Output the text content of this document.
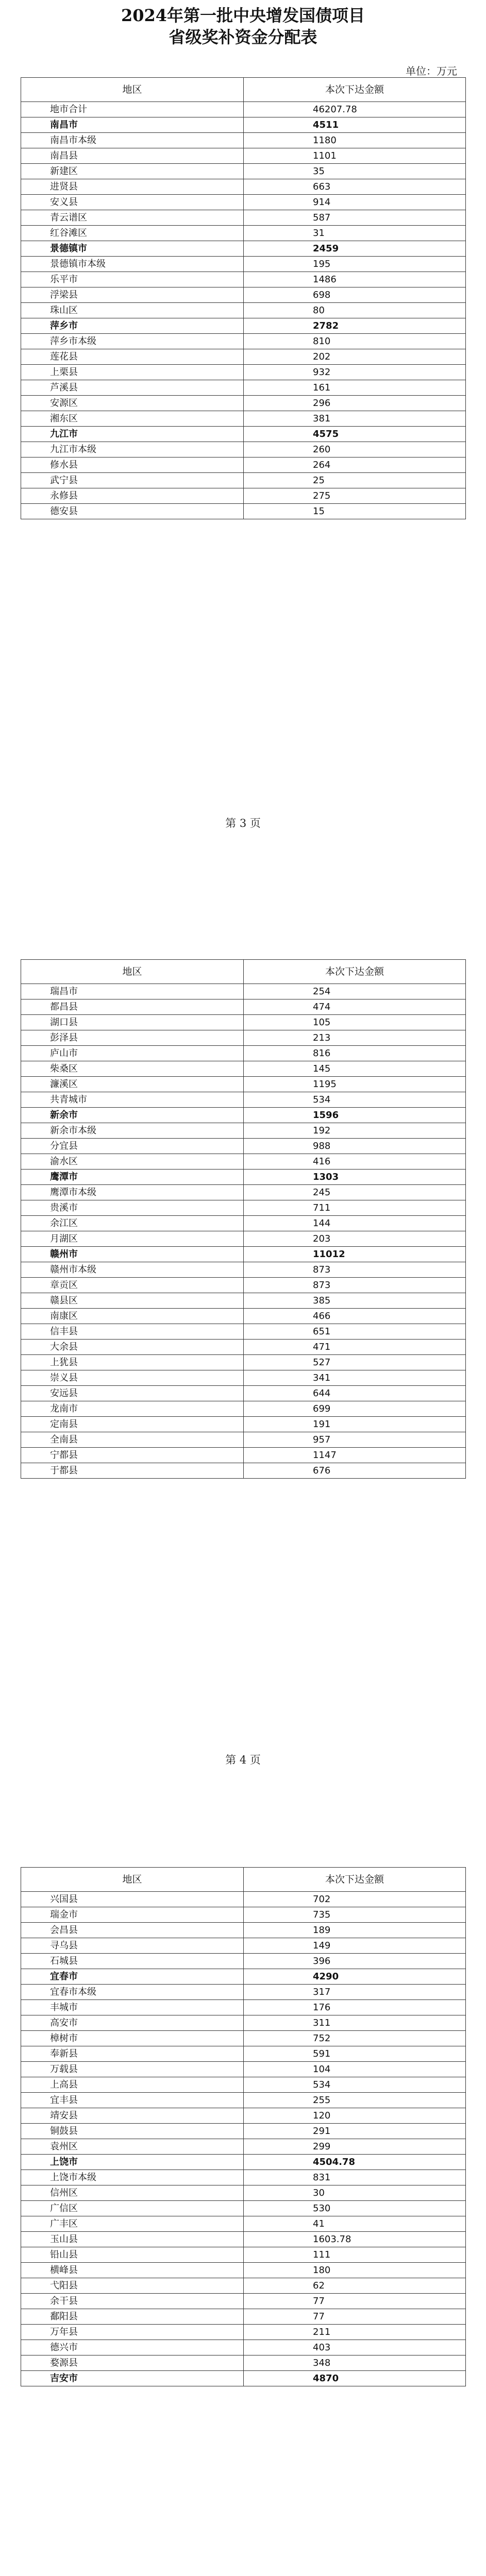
2024年第一批中央增发国债项目
省级奖补资金分配表
单位：万元
地区	本次下达金额
地市合计	46207.78
南昌市	4511
南昌市本级	1180
南昌县	1101
新建区	35
进贤县	663
安义县	914
青云谱区	587
红谷滩区	31
景德镇市	2459
景德镇市本级	195
乐平市	1486
浮梁县	698
珠山区	80
萍乡市	2782
萍乡市本级	810
莲花县	202
上栗县	932
芦溪县	161
安源区	296
湘东区	381
九江市	4575
九江市本级	260
修水县	264
武宁县	25
永修县	275
德安县	15
第 3 页
地区	本次下达金额
瑞昌市	254
都昌县	474
湖口县	105
彭泽县	213
庐山市	816
柴桑区	145
濂溪区	1195
共青城市	534
新余市	1596
新余市本级	192
分宜县	988
渝水区	416
鹰潭市	1303
鹰潭市本级	245
贵溪市	711
余江区	144
月湖区	203
赣州市	11012
赣州市本级	873
章贡区	873
赣县区	385
南康区	466
信丰县	651
大余县	471
上犹县	527
崇义县	341
安远县	644
龙南市	699
定南县	191
全南县	957
宁都县	1147
于都县	676
第 4 页
地区	本次下达金额
兴国县	702
瑞金市	735
会昌县	189
寻乌县	149
石城县	396
宜春市	4290
宜春市本级	317
丰城市	176
高安市	311
樟树市	752
奉新县	591
万载县	104
上高县	534
宜丰县	255
靖安县	120
铜鼓县	291
袁州区	299
上饶市	4504.78
上饶市本级	831
信州区	30
广信区	530
广丰区	41
玉山县	1603.78
铅山县	111
横峰县	180
弋阳县	62
余干县	77
鄱阳县	77
万年县	211
德兴市	403
婺源县	348
吉安市	4870
